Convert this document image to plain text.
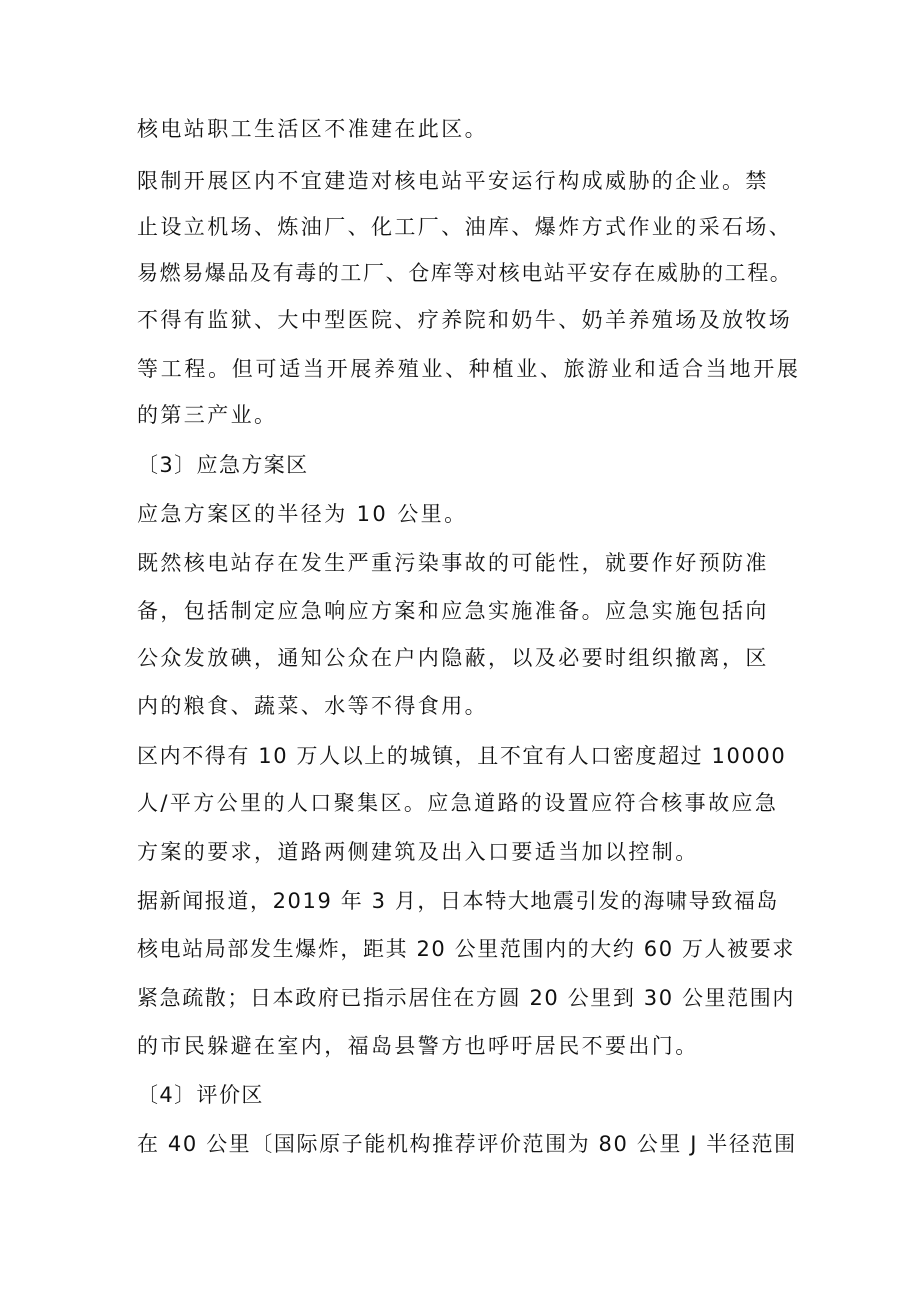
核电站职工生活区不准建在此区。
限制开展区内不宜建造对核电站平安运行构成威胁的企业。禁
止设立机场、炼油厂、化工厂、油库、爆炸方式作业的采石场、
易燃易爆品及有毒的工厂、仓库等对核电站平安存在威胁的工程。
不得有监狱、大中型医院、疗养院和奶牛、奶羊养殖场及放牧场
等工程。但可适当开展养殖业、种植业、旅游业和适合当地开展
的第三产业。
〔3〕应急方案区
应急方案区的半径为 10 公里。
既然核电站存在发生严重污染事故的可能性，就要作好预防准
备，包括制定应急响应方案和应急实施准备。应急实施包括向
公众发放碘，通知公众在户内隐蔽，以及必要时组织撤离，区
内的粮食、蔬菜、水等不得食用。
区内不得有 10 万人以上的城镇，且不宜有人口密度超过 10000
人/平方公里的人口聚集区。应急道路的设置应符合核事故应急
方案的要求，道路两侧建筑及出入口要适当加以控制。
据新闻报道，2019 年 3 月，日本特大地震引发的海啸导致福岛
核电站局部发生爆炸，距其 20 公里范围内的大约 60 万人被要求
紧急疏散；日本政府已指示居住在方圆 20 公里到 30 公里范围内
的市民躲避在室内，福岛县警方也呼吁居民不要出门。
〔4〕评价区
在 40 公里〔国际原子能机构推荐评价范围为 80 公里 J 半径范围
